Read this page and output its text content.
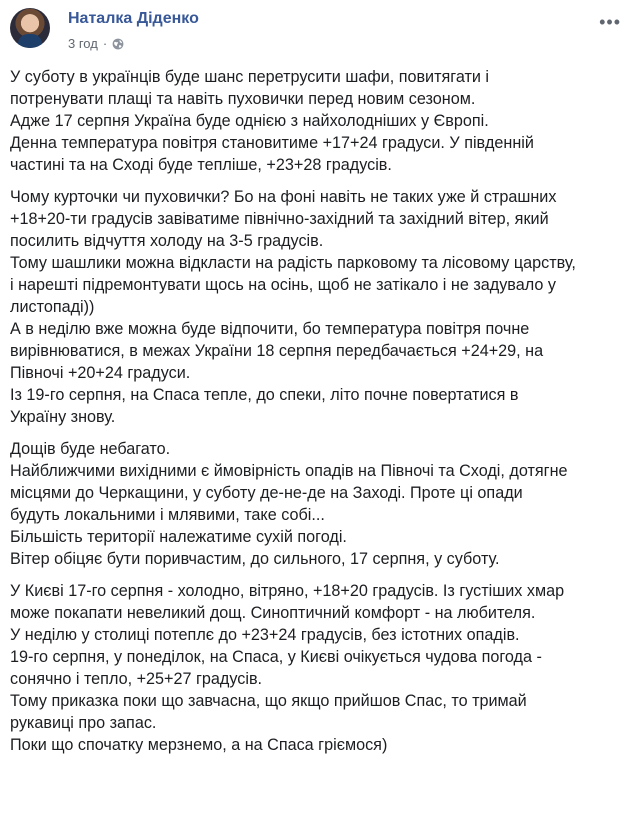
Наталка Діденко
3 год ·
•••
У суботу в українців буде шанс перетрусити шафи, повитягати і
потренувати плащі та навіть пуховички перед новим сезоном.
Адже 17 серпня Україна буде однією з найхолодніших у Європі.
Денна температура повітря становитиме +17+24 градуси. У південній
частині та на Сході буде тепліше, +23+28 градусів.
Чому курточки чи пуховички? Бо на фоні навіть не таких уже й страшних
+18+20-ти градусів завіватиме північно-західний та західний вітер, який
посилить відчуття холоду на 3-5 градусів.
Тому шашлики можна відкласти на радість парковому та лісовому царству,
і нарешті підремонтувати щось на осінь, щоб не затікало і не задувало у
листопаді))
А в неділю вже можна буде відпочити, бо температура повітря почне
вирівнюватися, в межах України 18 серпня передбачається +24+29, на
Півночі +20+24 градуси.
Із 19-го серпня, на Спаса тепле, до спеки, літо почне повертатися в
Україну знову.
Дощів буде небагато.
Найближчими вихідними є ймовірність опадів на Півночі та Сході, дотягне
місцями до Черкащини, у суботу де-не-де на Заході. Проте ці опади
будуть локальними і млявими, таке собі...
Більшість території належатиме сухій погоді.
Вітер обіцяє бути поривчастим, до сильного, 17 серпня, у суботу.
У Києві 17-го серпня - холодно, вітряно, +18+20 градусів. Із густіших хмар
може покапати невеликий дощ. Синоптичний комфорт - на любителя.
У неділю у столиці потеплє до +23+24 градусів, без істотних опадів.
19-го серпня, у понеділок, на Спаса, у Києві очікується чудова погода -
сонячно і тепло, +25+27 градусів.
Тому приказка поки що завчасна, що якщо прийшов Спас, то тримай
рукавиці про запас.
Поки що спочатку мерзнемо, а на Спаса гріємося)
